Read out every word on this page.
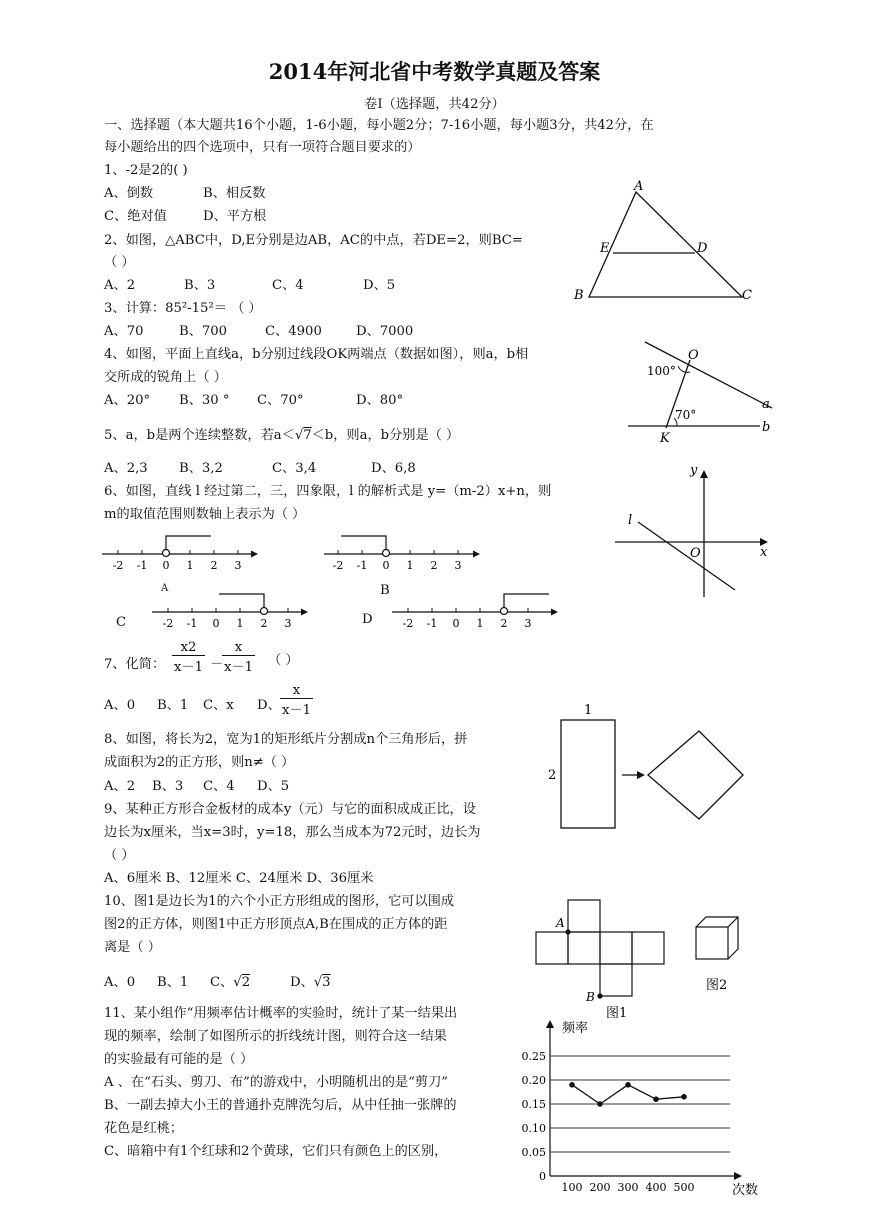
2014年河北省中考数学真题及答案
卷Ⅰ（选择题，共42分）
一、选择题（本大题共16个小题，1-6小题，每小题2分；7-16小题，每小题3分，共42分，在
每小题给出的四个选项中，只有一项符合题目要求的）
1、-2是2的( )
A、倒数	B、相反数
C、绝对值	D、平方根
2、如图，△ABC中，D,E分别是边AB，AC的中点，若DE=2，则BC=
（ ）
A、2	B、3	C、4	D、5
3、计算：85²-15²＝ （ ）
A、70	B、700	C、4900	D、7000
4、如图，平面上直线a，b分别过线段OK两端点（数据如图），则a，b相
交所成的锐角上（ ）
A、20° B、30 ° C、70°	D、80°
5、a，b是两个连续整数，若a＜√7＜b，则a，b分别是（ ）
A、2,3 B、3,2	C、3,4	D、6,8
6、如图，直线 l 经过第二，三，四象限，l 的解析式是 y=（m-2）x+n，则
m的取值范围则数轴上表示为（ ）
-2 -1 0 1 2 3	-2 -1 0 1 2 3
-2 -1 0 1 2 3	-2 -1 0 1 2 3
A	B
C	D
7、化简： $\frac{x2}{x-1}$ －
$\frac{x}{x-1}$ （ ）
A、0 B、1 C、x D、 $\frac{x}{x-1}$
8、如图，将长为2，宽为1的矩形纸片分割成n个三角形后，拼
成面积为2的正方形，则n≠（ ）
A、2 B、3 C、4 D、5
9、某种正方形合金板材的成本y（元）与它的面积成成正比，设
边长为x厘米，当x=3时，y=18，那么当成本为72元时，边长为
（ ）
A、6厘米 B、12厘米 C、24厘米 D、36厘米
10、图1是边长为1的六个小正方形组成的图形，它可以围成
图2的正方体，则图1中正方形顶点A,B在围成的正方体的距
离是（ ）
A、0 B、1 C、√2	D、√3
11、某小组作“用频率估计概率的实验时，统计了某一结果出
现的频率，绘制了如图所示的折线统计图，则符合这一结果
的实验最有可能的是（ ）
A 、在“石头、剪刀、布”的游戏中，小明随机出的是“剪刀”
B、一副去掉大小王的普通扑克牌洗匀后，从中任抽一张牌的
花色是红桃；
C、暗箱中有1个红球和2个黄球，它们只有颜色上的区别，
A
E	D
B	C
O
K
a
b
100°
70°
x
y
O
l
1
2
A
B
图1
图2
0
0.05
0.10
0.15
0.20
0.25
100 200 300 400 500
频率
次数
